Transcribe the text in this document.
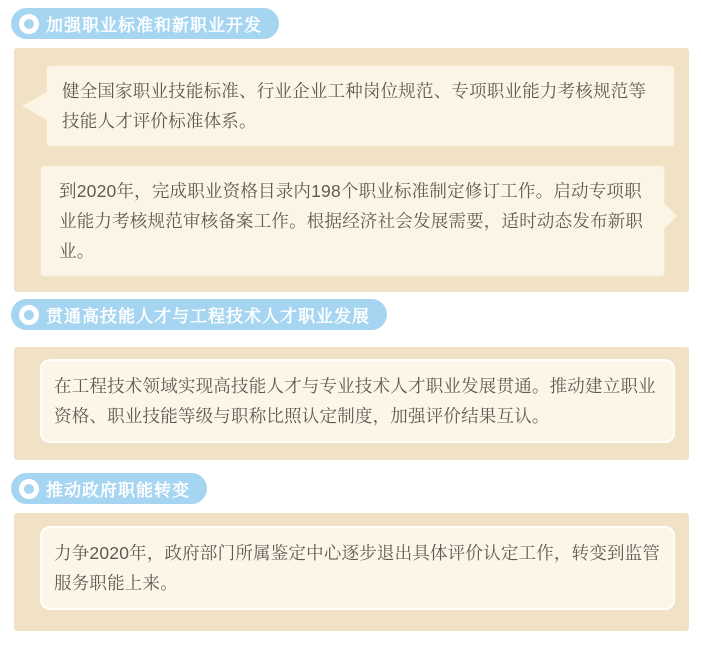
加强职业标准和新职业开发

健全国家职业技能标准、行业企业工种岗位规范、专项职业能力考核规范等技能人才评价标准体系。

到2020年，完成职业资格目录内198个职业标准制定修订工作。启动专项职业能力考核规范审核备案工作。根据经济社会发展需要，适时动态发布新职业。

贯通高技能人才与工程技术人才职业发展

在工程技术领域实现高技能人才与专业技术人才职业发展贯通。推动建立职业资格、职业技能等级与职称比照认定制度，加强评价结果互认。

推动政府职能转变

力争2020年，政府部门所属鉴定中心逐步退出具体评价认定工作，转变到监管服务职能上来。
